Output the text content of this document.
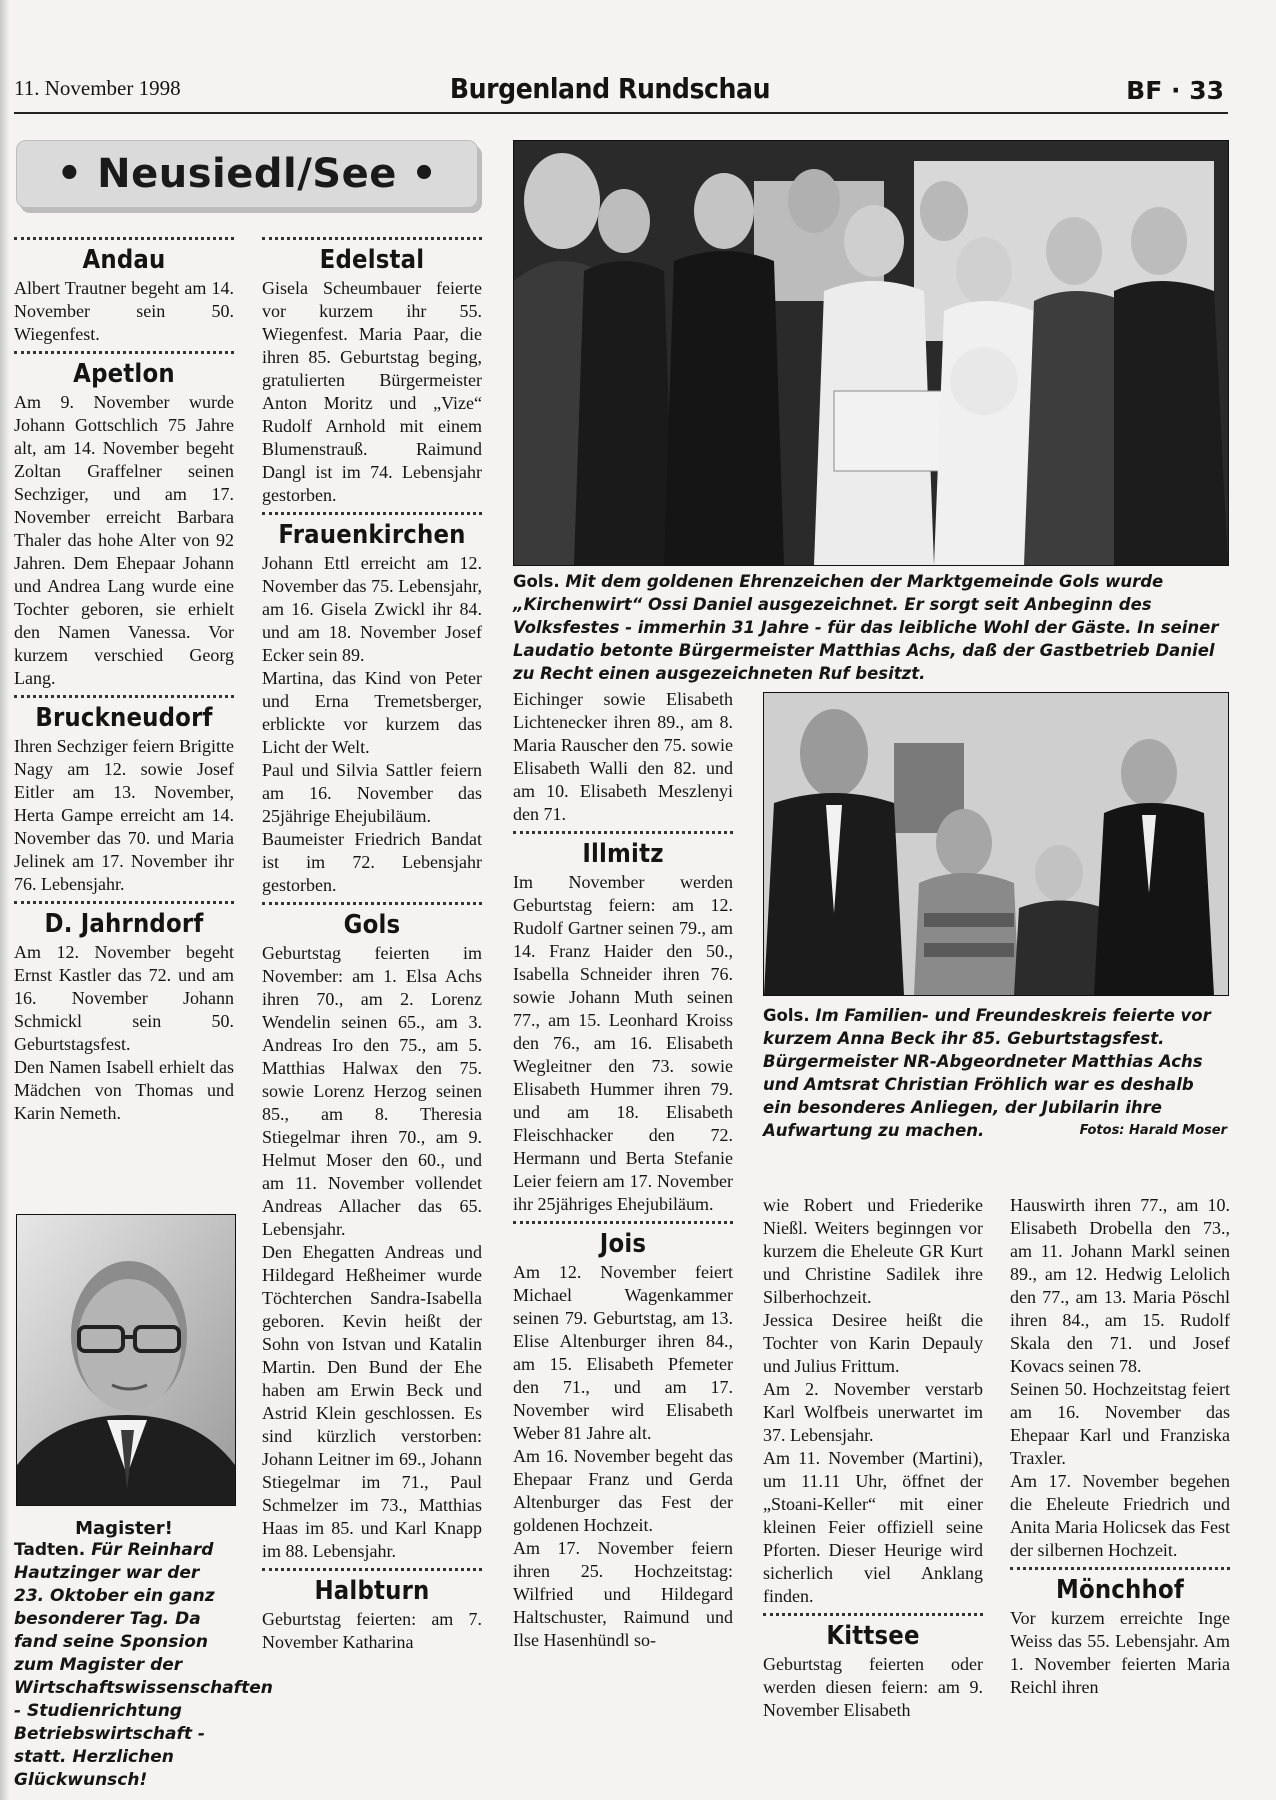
11. November 1998	Burgenland Rundschau	BF · 33
• Neusiedl/See •
Andau

Albert Trautner begeht am 14. November sein 50. Wiegenfest.

Apetlon

Am 9. November wurde Johann Gottschlich 75 Jahre alt, am 14. November begeht Zoltan Graffelner seinen Sechziger, und am 17. November erreicht Barbara Thaler das hohe Alter von 92 Jahren. Dem Ehepaar Johann und Andrea Lang wurde eine Tochter geboren, sie erhielt den Namen Vanessa. Vor kurzem verschied Georg Lang.

Bruckneudorf

Ihren Sechziger feiern Brigitte Nagy am 12. sowie Josef Eitler am 13. November, Herta Gampe erreicht am 14. November das 70. und Maria Jelinek am 17. November ihr 76. Lebensjahr.

D. Jahrndorf

Am 12. November begeht Ernst Kastler das 72. und am 16. November Johann Schmickl sein 50. Geburtstagsfest.

Den Namen Isabell erhielt das Mädchen von Thomas und Karin Nemeth.

Magister!
Tadten. Für Reinhard Hautzinger war der 23. Oktober ein ganz besonderer Tag. Da fand seine Sponsion zum Magister der Wirtschaftswissenschaften - Studienrichtung Betriebswirtschaft - statt. Herzlichen Glückwunsch!
Edelstal

Gisela Scheumbauer feierte vor kurzem ihr 55. Wiegenfest. Maria Paar, die ihren 85. Geburtstag beging, gratulierten Bürgermeister Anton Moritz und „Vize“ Rudolf Arnhold mit einem Blumenstrauß. Raimund Dangl ist im 74. Lebensjahr gestorben.

Frauenkirchen

Johann Ettl erreicht am 12. November das 75. Lebensjahr, am 16. Gisela Zwickl ihr 84. und am 18. November Josef Ecker sein 89.

Martina, das Kind von Peter und Erna Tremetsberger, erblickte vor kurzem das Licht der Welt.

Paul und Silvia Sattler feiern am 16. November das 25jährige Ehejubiläum.

Baumeister Friedrich Bandat ist im 72. Lebensjahr gestorben.

Gols

Geburtstag feierten im November: am 1. Elsa Achs ihren 70., am 2. Lorenz Wendelin seinen 65., am 3. Andreas Iro den 75., am 5. Matthias Halwax den 75. sowie Lorenz Herzog seinen 85., am 8. Theresia Stiegelmar ihren 70., am 9. Helmut Moser den 60., und am 11. November vollendet Andreas Allacher das 65. Lebensjahr.

Den Ehegatten Andreas und Hildegard Heßheimer wurde Töchterchen Sandra-Isabella geboren. Kevin heißt der Sohn von Istvan und Katalin Martin. Den Bund der Ehe haben am Erwin Beck und Astrid Klein geschlossen. Es sind kürzlich verstorben: Johann Leitner im 69., Johann Stiegelmar im 71., Paul Schmelzer im 73., Matthias Haas im 85. und Karl Knapp im 88. Lebensjahr.

Halbturn

Geburtstag feierten: am 7. November Katharina

Gols. Mit dem goldenen Ehrenzeichen der Marktgemeinde Gols wurde „Kirchenwirt“ Ossi Daniel ausgezeichnet. Er sorgt seit Anbeginn des Volksfestes - immerhin 31 Jahre - für das leibliche Wohl der Gäste. In seiner Laudatio betonte Bürgermeister Matthias Achs, daß der Gastbetrieb Daniel zu Recht einen ausgezeichneten Ruf besitzt.

Eichinger sowie Elisabeth Lichtenecker ihren 89., am 8. Maria Rauscher den 75. sowie Elisabeth Walli den 82. und am 10. Elisabeth Meszlenyi den 71.

Illmitz

Im November werden Geburtstag feiern: am 12. Rudolf Gartner seinen 79., am 14. Franz Haider den 50., Isabella Schneider ihren 76. sowie Johann Muth seinen 77., am 15. Leonhard Kroiss den 76., am 16. Elisabeth Wegleitner den 73. sowie Elisabeth Hummer ihren 79. und am 18. Elisabeth Fleischhacker den 72. Hermann und Berta Stefanie Leier feiern am 17. November ihr 25jähriges Ehejubiläum.

Jois

Am 12. November feiert Michael Wagenkammer seinen 79. Geburtstag, am 13. Elise Altenburger ihren 84., am 15. Elisabeth Pfemeter den 71., und am 17. November wird Elisabeth Weber 81 Jahre alt.

Am 16. November begeht das Ehepaar Franz und Gerda Altenburger das Fest der goldenen Hochzeit.

Am 17. November feiern ihren 25. Hochzeitstag: Wilfried und Hildegard Haltschuster, Raimund und Ilse Hasenhündl so-

Gols. Im Familien- und Freundeskreis feierte vor kurzem Anna Beck ihr 85. Geburtstagsfest. Bürgermeister NR-Abgeordneter Matthias Achs und Amtsrat Christian Fröhlich war es deshalb ein besonderes Anliegen, der Jubilarin ihre Aufwartung zu machen.	Fotos: Harald Moser

wie Robert und Friederike Nießl. Weiters beginngen vor kurzem die Eheleute GR Kurt und Christine Sadilek ihre Silberhochzeit.

Jessica Desiree heißt die Tochter von Karin Depauly und Julius Frittum.

Am 2. November verstarb Karl Wolfbeis unerwartet im 37. Lebensjahr.

Am 11. November (Martini), um 11.11 Uhr, öffnet der „Stoani-Keller“ mit einer kleinen Feier offiziell seine Pforten. Dieser Heurige wird sicherlich viel Anklang finden.

Kittsee

Geburtstag feierten oder werden diesen feiern: am 9. November Elisabeth

Hauswirth ihren 77., am 10. Elisabeth Drobella den 73., am 11. Johann Markl seinen 89., am 12. Hedwig Lelolich den 77., am 13. Maria Pöschl ihren 84., am 15. Rudolf Skala den 71. und Josef Kovacs seinen 78.

Seinen 50. Hochzeitstag feiert am 16. November das Ehepaar Karl und Franziska Traxler.

Am 17. November begehen die Eheleute Friedrich und Anita Maria Holicsek das Fest der silbernen Hochzeit.

Mönchhof

Vor kurzem erreichte Inge Weiss das 55. Lebensjahr. Am 1. November feierten Maria Reichl ihren
